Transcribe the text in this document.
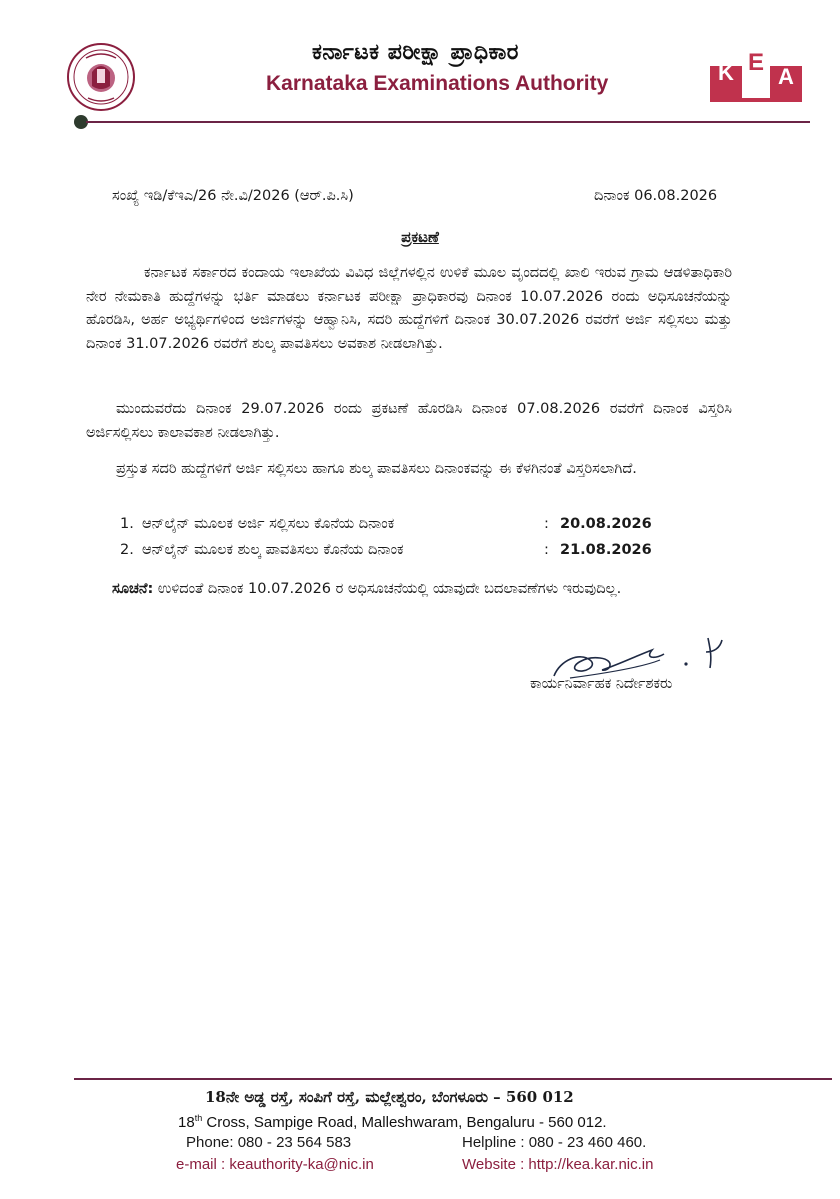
ಕರ್ನಾಟಕ ಪರೀಕ್ಷಾ ಪ್ರಾಧಿಕಾರ
Karnataka Examinations Authority	K E
A
ಸಂಖ್ಯೆ ಇಡಿ/ಕೆಇಎ/26 ನೇ.ವಿ/2026 (ಆರ್.ಪಿ.ಸಿ)	ದಿನಾಂಕ 06.08.2026
ಪ್ರಕಟಣೆ

ಕರ್ನಾಟಕ ಸರ್ಕಾರದ ಕಂದಾಯ ಇಲಾಖೆಯ ವಿವಿಧ ಜಿಲ್ಲೆಗಳಲ್ಲಿನ ಉಳಿಕೆ ಮೂಲ ವೃಂದದಲ್ಲಿ ಖಾಲಿ ಇರುವ ಗ್ರಾಮ ಆಡಳಿತಾಧಿಕಾರಿ ನೇರ ನೇಮಕಾತಿ ಹುದ್ದೆಗಳನ್ನು ಭರ್ತಿ ಮಾಡಲು ಕರ್ನಾಟಕ ಪರೀಕ್ಷಾ ಪ್ರಾಧಿಕಾರವು ದಿನಾಂಕ 10.07.2026 ರಂದು ಅಧಿಸೂಚನೆಯನ್ನು ಹೊರಡಿಸಿ, ಅರ್ಹ ಅಭ್ಯರ್ಥಿಗಳಿಂದ ಅರ್ಜಿಗಳನ್ನು ಆಹ್ವಾನಿಸಿ, ಸದರಿ ಹುದ್ದೆಗಳಿಗೆ ದಿನಾಂಕ 30.07.2026 ರವರೆಗೆ ಅರ್ಜಿ ಸಲ್ಲಿಸಲು ಮತ್ತು ದಿನಾಂಕ 31.07.2026 ರವರೆಗೆ ಶುಲ್ಕ ಪಾವತಿಸಲು ಅವಕಾಶ ನೀಡಲಾಗಿತ್ತು.

ಮುಂದುವರೆದು ದಿನಾಂಕ 29.07.2026 ರಂದು ಪ್ರಕಟಣೆ ಹೊರಡಿಸಿ ದಿನಾಂಕ 07.08.2026 ರವರೆಗೆ ದಿನಾಂಕ ವಿಸ್ತರಿಸಿ ಅರ್ಜಿಸಲ್ಲಿಸಲು ಕಾಲಾವಕಾಶ ನೀಡಲಾಗಿತ್ತು.

ಪ್ರಸ್ತುತ ಸದರಿ ಹುದ್ದೆಗಳಿಗೆ ಅರ್ಜಿ ಸಲ್ಲಿಸಲು ಹಾಗೂ ಶುಲ್ಕ ಪಾವತಿಸಲು ದಿನಾಂಕವನ್ನು ಈ ಕೆಳಗಿನಂತೆ ವಿಸ್ತರಿಸಲಾಗಿದೆ.

1. ಆನ್‌ಲೈನ್ ಮೂಲಕ ಅರ್ಜಿ ಸಲ್ಲಿಸಲು ಕೊನೆಯ ದಿನಾಂಕ	: 20.08.2026
2. ಆನ್‌ಲೈನ್ ಮೂಲಕ ಶುಲ್ಕ ಪಾವತಿಸಲು ಕೊನೆಯ ದಿನಾಂಕ	: 21.08.2026

ಸೂಚನೆ: ಉಳಿದಂತೆ ದಿನಾಂಕ 10.07.2026 ರ ಅಧಿಸೂಚನೆಯಲ್ಲಿ ಯಾವುದೇ ಬದಲಾವಣೆಗಳು ಇರುವುದಿಲ್ಲ.

ಕಾರ್ಯನಿರ್ವಾಹಕ ನಿರ್ದೇಶಕರು
18ನೇ ಅಡ್ಡ ರಸ್ತೆ, ಸಂಪಿಗೆ ರಸ್ತೆ, ಮಲ್ಲೇಶ್ವರಂ, ಬೆಂಗಳೂರು – 560 012
18th Cross, Sampige Road, Malleshwaram, Bengaluru - 560 012.
Phone: 080 - 23 564 583	Helpline : 080 - 23 460 460.
e-mail : keauthority-ka@nic.in	Website : http://kea.kar.nic.in
